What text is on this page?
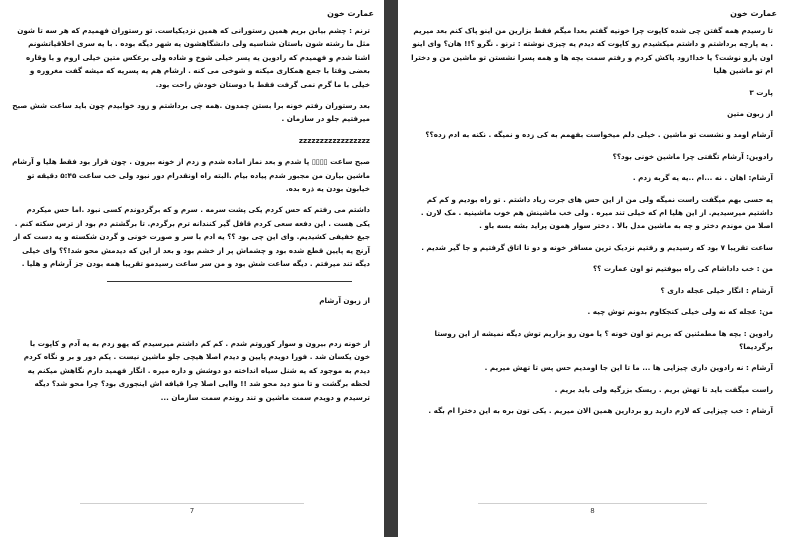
عمارت خون

ترنم : چشم بیابن بریم همین رستورانی که همین نزدیکیاست. تو رستوران فهمیدم که هر سه تا شون مثل ما رشته شون باستان شناسیه ولی دانشگاهشون یه شهر دیگه بوده . با یه سری اخلاقیاتشونم اشنا شدم و فهمیدم که رادوین یه پسر خیلی شوخ و شاده ولی برعکس متین خیلی اروم و با وقاره بعضی وقتا با جمع همکاری میکنه و شوخی می کنه . ارشام هم یه پسریه که میشه گفت مغروره و خیلی با ما گرم نمی گرفت فقط با دوستان خودش راحت بود.

بعد رستوران رفتم خونه برا بستن چمدون .همه چی برداشتم و زود خوابیدم چون باید ساعت شش صبح میرفتیم جلو در سازمان .

zzzzzzzzzzzzzzzzz

صبح ساعت ▯▯▯▯ پا شدم و بعد نماز اماده شدم و زدم از خونه بیرون . چون قرار بود فقط هلیا و آرشام ماشین بیارن من مجبور شدم پیاده بیام .البته راه اونقدرام دور نبود ولی خب ساعت ۵:۴۵ دقیقه تو خیابون بودن یه ذره بده.

داشتم می رفتم که حس کردم یکی پشت سرمه . سرم و که برگردوندم کسی نبود .اما حس میکردم یکی هست . این دفعه سعی کردم قافل گیر کنندانه ترم برگردم. تا برگشتم دم بود از ترس سکته کنم . جیغ خفیفی کشیدیم. وای این چی بود ؟؟ یه ادم با سر و صورت خونی و گردن شکسته و یه دست که از آرنج یه پایین قطع شده بود و چشماش پر از خشم بود و بعد از این که دیدمش محو شد!؟؟ وای خیلی دیگه تند میرفتم . دیگه ساعت شش بود و من سر ساعت رسیدمو تقریبا همه بودن جز آرشام و هلیا .

از زبون آرشام

از خونه زدم بیرون و سوار کوروتم شدم . کم کم داشتم میرسیدم که یهو زدم به یه آدم و کاپوت با خون یکسان شد . فورا دویدم پایین و دیدم اصلا هیچی جلو ماشین نیست . یکم دور و بر و نگاه کردم دیدم به موجود که یه شنل سیاه انداخته دو دوشش و داره میره . انگار فهمید دارم نگاهش میکنم یه لحظه برگشت و تا منو دید محو شد !! واایی اصلا چرا قیافه اش اینجوری بود؟ چرا محو شد؟ دیگه ترسیدم و دویدم سمت ماشین و تند روندم سمت سازمان ...

7
عمارت خون

تا رسیدم همه گفتن چی شده کاپوت چرا خونیه گفتم بعدا میگم فقط بزارین من اینو پاک کنم بعد میریم . یه پارچه برداشتم و داشتم میکشیدم رو کاپوت که دیدم یه چیزی نوشته : ترنو . نگرو ؟!! هان؟ وای اینو اون یارو نوشت؟ یا خدا!زود پاکش کردم و رفتم سمت بچه ها و همه پسرا نشستن تو ماشین من و دخترا ام تو ماشین هلیا

پارت ۳

از زبون متین

آرشام اومد و نشست تو ماشین . خیلی دلم میخواست بفهمم به کی زده و نمیگه . نکنه به ادم زده؟؟

رادوین: آرشام تگفتی چرا ماشین خونی بود؟؟

آرشام: اهان . نه ...ام ..یه یه گربه زدم .

یه حسی بهم میگفت راست نمیگه ولی من از این حس های جرت زیاد داشتم . تو راه بودیم و کم کم داشتیم میرسیدیم. از این هلیا ام که خیلی تند میره . ولی خب ماشینش هم خوب ماشینیه . مک لارن . اصلا من موندم دختر و چه به ماشین مدل بالا . دختر سوار همون پراید بشه بسه باو .

ساعت تقریبا ۷ بود که رسیدیم و رفتیم نزدیک ترین مسافر خونه و دو تا اتاق گرفتیم و جا گیر شدیم .

من : خب داداشام کی راه بیوفتیم تو اون عمارت ؟؟

آرشام : انگار خیلی عجله داری ؟

من: عجله که نه ولی خیلی کنجکاوم بدونم توش چیه .

رادوین : بچه ها مطمئنین که بریم تو اون خونه ؟ یا مون رو بزاریم توش دیگه نمیشه از این روستا برگردیما؟

آرشام : نه رادوین داری چیزایی ها ... ما تا این جا اومدیم حس پس تا تهش میریم .

راست میگفت باید تا تهش بریم . ریسک بزرگیه ولی باید بریم .

آرشام : خب چیزایی که لازم دارید رو بردارین همین الان میریم . یکی تون بره به این دخترا ام بگه .

8
